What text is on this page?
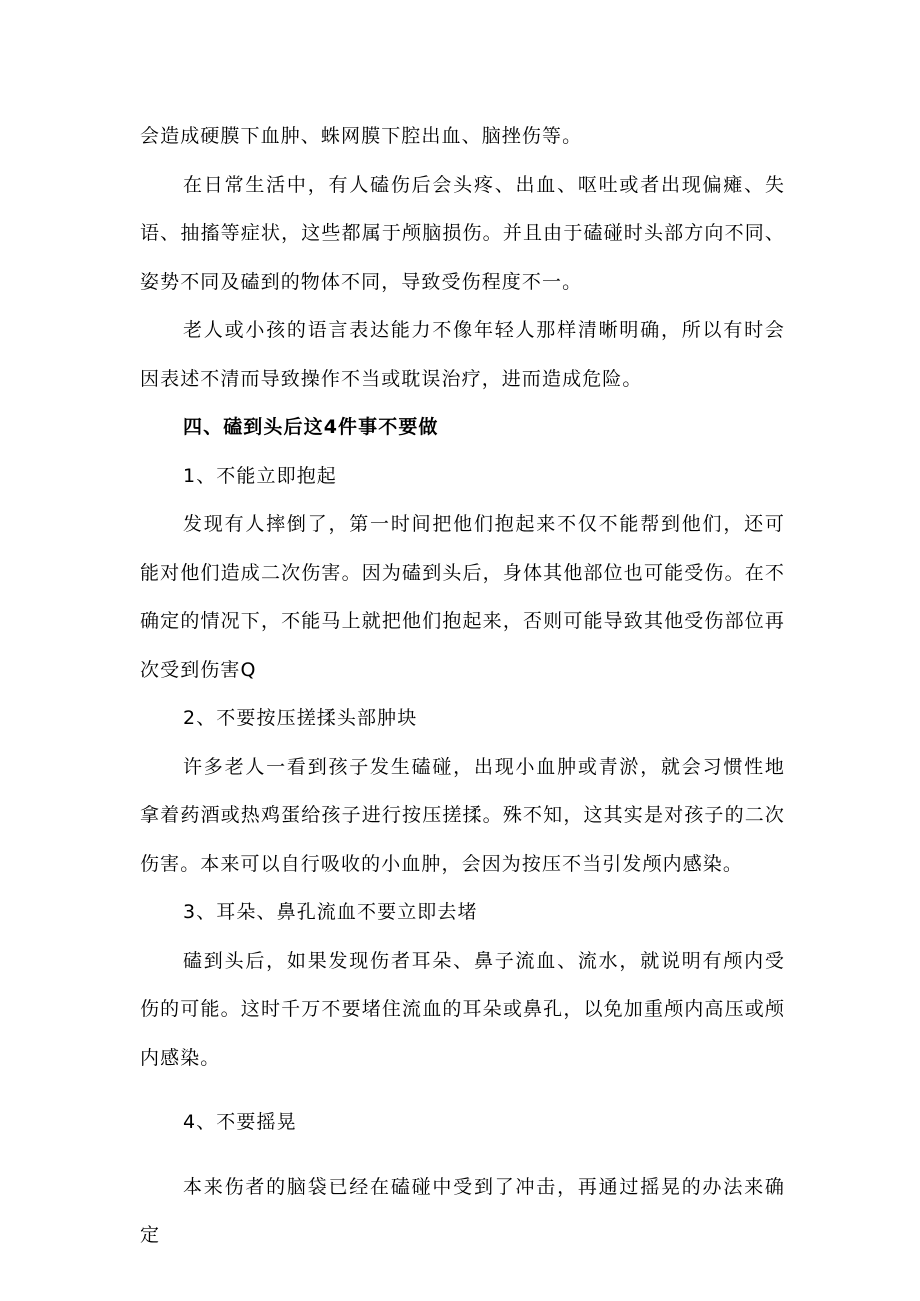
会造成硬膜下血肿、蛛网膜下腔出血、脑挫伤等。

在日常生活中，有人磕伤后会头疼、出血、呕吐或者出现偏瘫、失语、抽搐等症状，这些都属于颅脑损伤。并且由于磕碰时头部方向不同、姿势不同及磕到的物体不同，导致受伤程度不一。

老人或小孩的语言表达能力不像年轻人那样清晰明确，所以有时会因表述不清而导致操作不当或耽误治疗，进而造成危险。

四、磕到头后这4件事不要做

1、不能立即抱起

发现有人摔倒了，第一时间把他们抱起来不仅不能帮到他们，还可能对他们造成二次伤害。因为磕到头后，身体其他部位也可能受伤。在不确定的情况下，不能马上就把他们抱起来，否则可能导致其他受伤部位再次受到伤害Q

2、不要按压搓揉头部肿块

许多老人一看到孩子发生磕碰，出现小血肿或青淤，就会习惯性地拿着药酒或热鸡蛋给孩子进行按压搓揉。殊不知，这其实是对孩子的二次伤害。本来可以自行吸收的小血肿，会因为按压不当引发颅内感染。

3、耳朵、鼻孔流血不要立即去堵

磕到头后，如果发现伤者耳朵、鼻子流血、流水，就说明有颅内受伤的可能。这时千万不要堵住流血的耳朵或鼻孔，以免加重颅内高压或颅内感染。

4、不要摇晃

本来伤者的脑袋已经在磕碰中受到了冲击，再通过摇晃的办法来确定
